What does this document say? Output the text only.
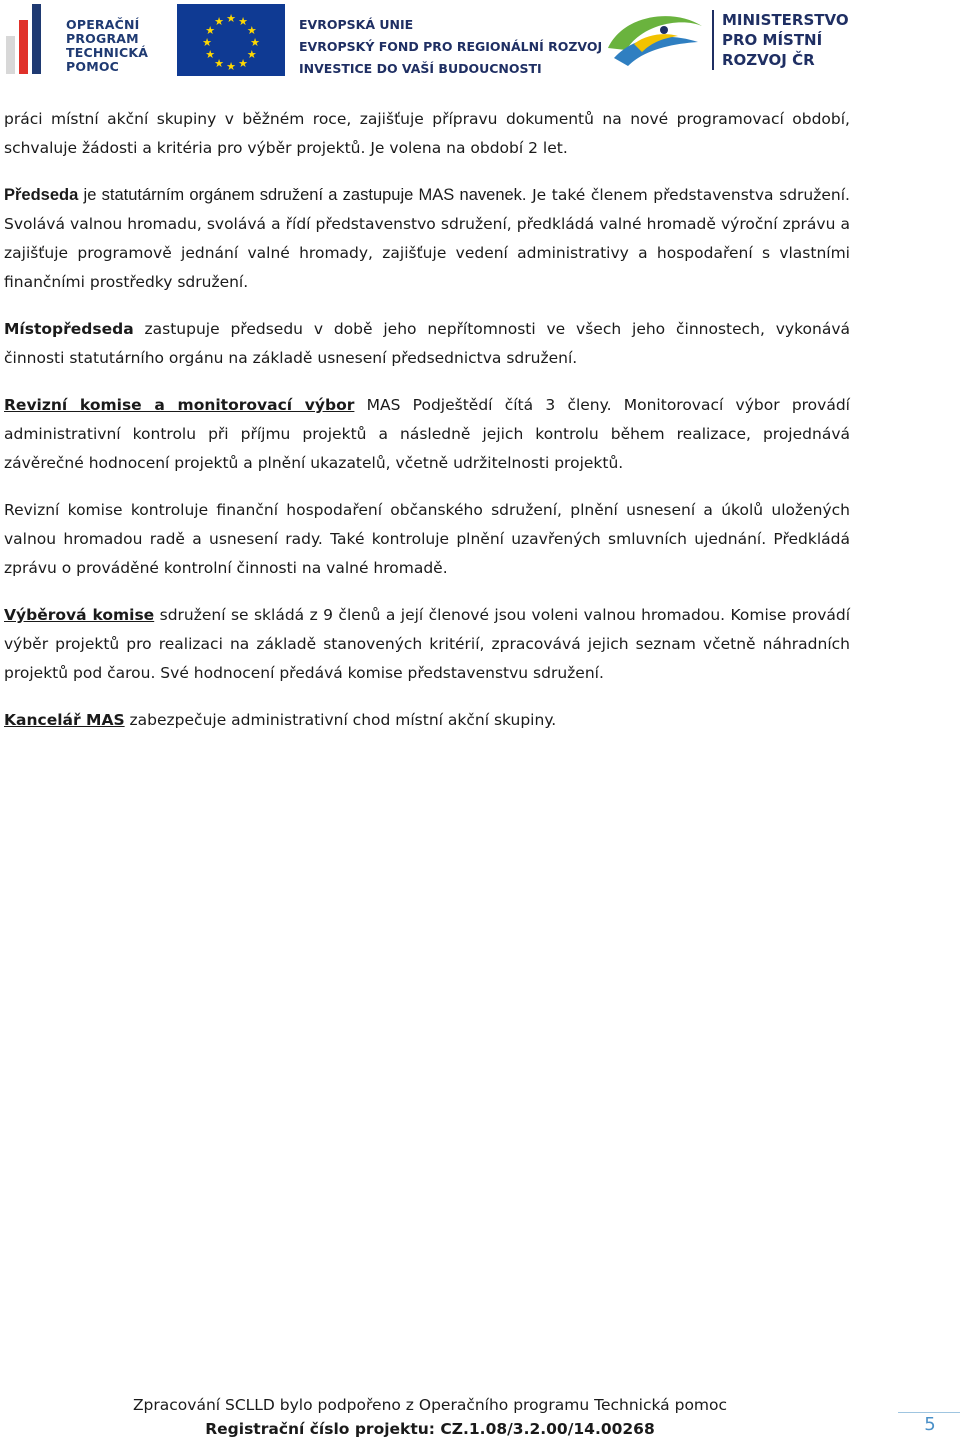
OPERAČNÍ
PROGRAM
TECHNICKÁ
POMOC
★ ★
★
★
★
★
★
★
★
★
★
★	EVROPSKÁ UNIE
EVROPSKÝ FOND PRO REGIONÁLNÍ ROZVOJ
INVESTICE DO VAŠÍ BUDOUCNOSTI
MINISTERSTVO
PRO MÍSTNÍ
ROZVOJ ČR

práci místní akční skupiny v běžném roce, zajišťuje přípravu dokumentů na nové programovací období, schvaluje žádosti a kritéria pro výběr projektů. Je volena na období 2 let.

Předseda je statutárním orgánem sdružení a zastupuje MAS navenek. Je také členem představenstva sdružení. Svolává valnou hromadu, svolává a řídí představenstvo sdružení, předkládá valné hromadě výroční zprávu a zajišťuje programově jednání valné hromady, zajišťuje vedení administrativy a hospodaření s vlastními finančními prostředky sdružení.

Místopředseda zastupuje předsedu v době jeho nepřítomnosti ve všech jeho činnostech, vykonává činnosti statutárního orgánu na základě usnesení předsednictva sdružení.

Revizní komise a monitorovací výbor MAS Podještědí čítá 3 členy. Monitorovací výbor provádí administrativní kontrolu při příjmu projektů a následně jejich kontrolu během realizace, projednává závěrečné hodnocení projektů a plnění ukazatelů, včetně udržitelnosti projektů.

Revizní komise kontroluje finanční hospodaření občanského sdružení, plnění usnesení a úkolů uložených valnou hromadou radě a usnesení rady. Také kontroluje plnění uzavřených smluvních ujednání. Předkládá zprávu o prováděné kontrolní činnosti na valné hromadě.

Výběrová komise sdružení se skládá z 9 členů a její členové jsou voleni valnou hromadou. Komise provádí výběr projektů pro realizaci na základě stanovených kritérií, zpracovává jejich seznam včetně náhradních projektů pod čarou. Své hodnocení předává komise představenstvu sdružení.

Kancelář MAS zabezpečuje administrativní chod místní akční skupiny.

Zpracování SCLLD bylo podpořeno z Operačního programu Technická pomoc
Registrační číslo projektu: CZ.1.08/3.2.00/14.00268	5
